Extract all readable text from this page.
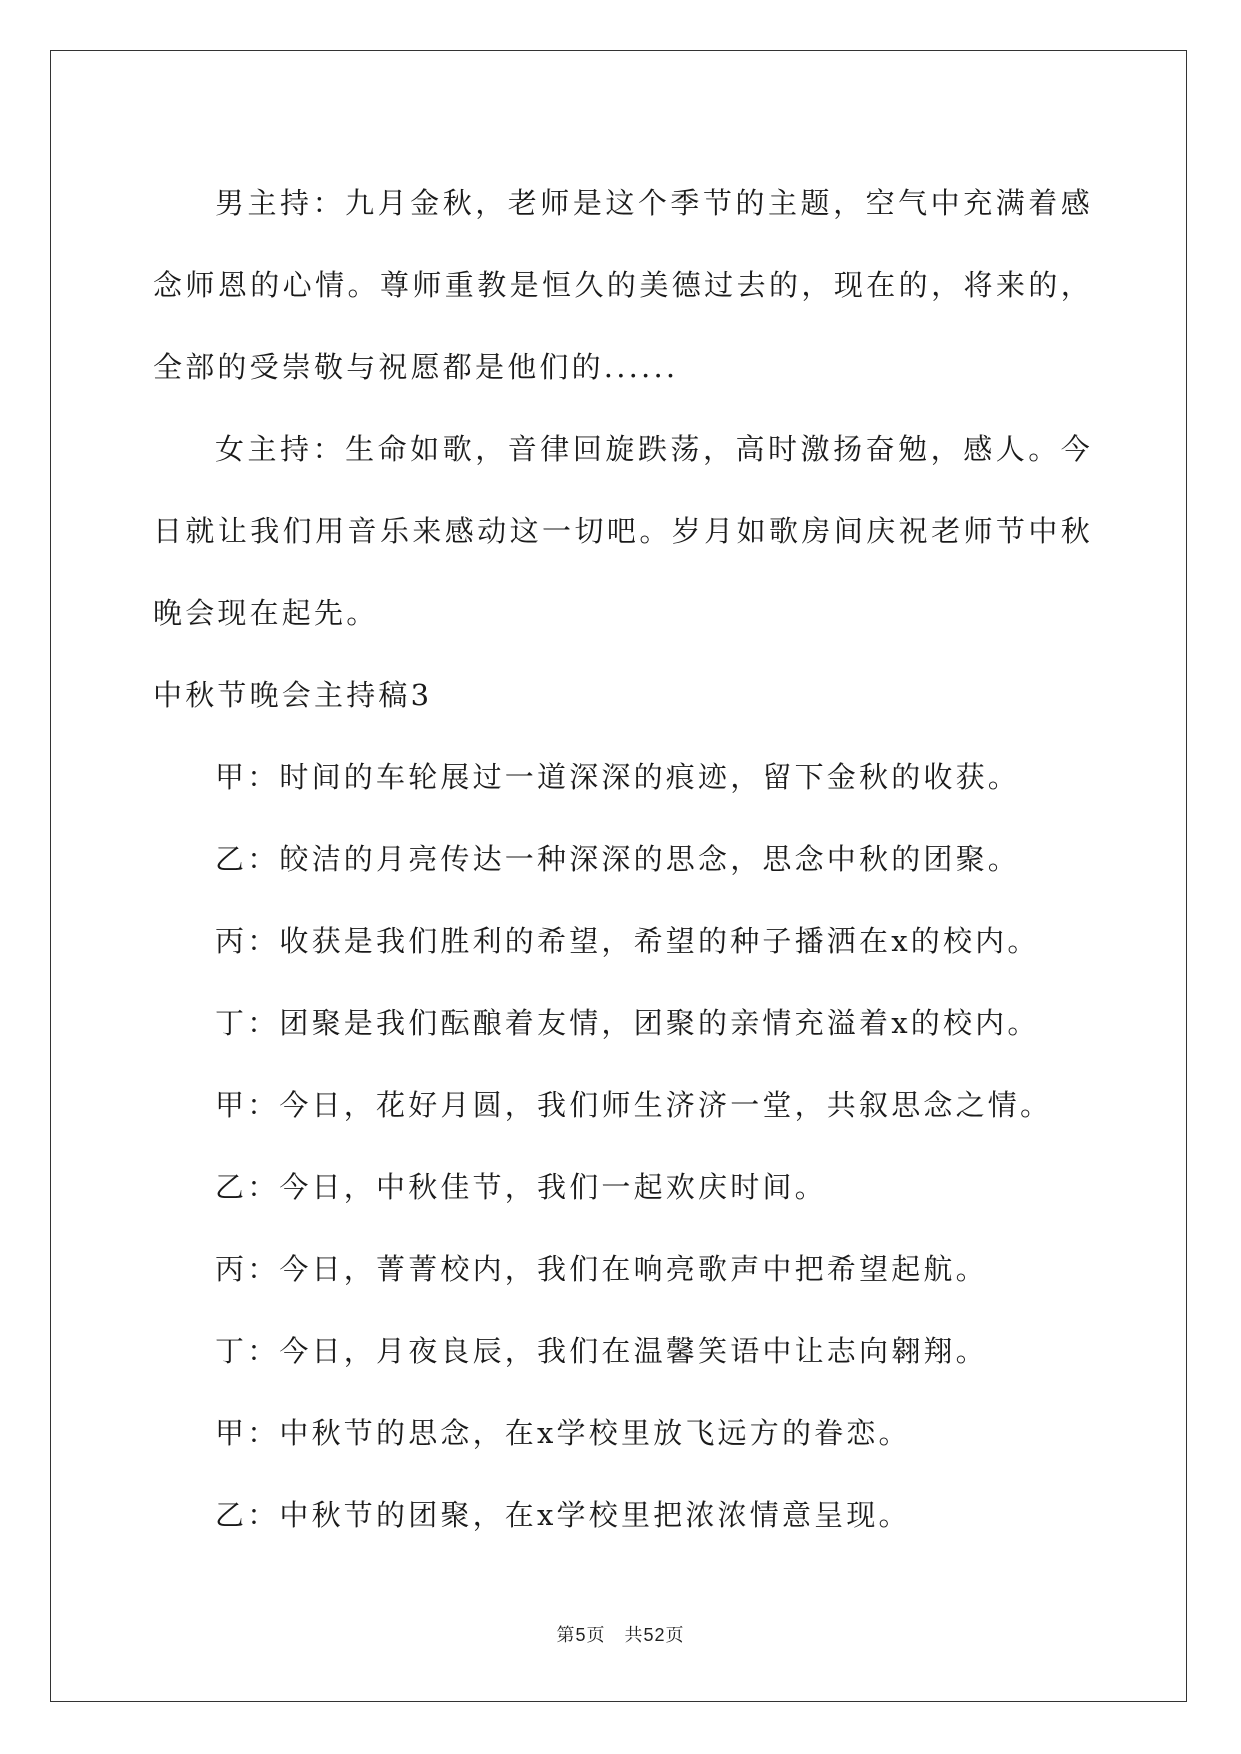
男主持：九月金秋，老师是这个季节的主题，空气中充满着感念师恩的心情。尊师重教是恒久的美德过去的，现在的，将来的，全部的受崇敬与祝愿都是他们的......

女主持：生命如歌，音律回旋跌荡，高时激扬奋勉，感人。今日就让我们用音乐来感动这一切吧。岁月如歌房间庆祝老师节中秋晚会现在起先。

中秋节晚会主持稿3

甲：时间的车轮展过一道深深的痕迹，留下金秋的收获。

乙：皎洁的月亮传达一种深深的思念，思念中秋的团聚。

丙：收获是我们胜利的希望，希望的种子播洒在x的校内。

丁：团聚是我们酝酿着友情，团聚的亲情充溢着x的校内。

甲：今日，花好月圆，我们师生济济一堂，共叙思念之情。

乙：今日，中秋佳节，我们一起欢庆时间。

丙：今日，菁菁校内，我们在响亮歌声中把希望起航。

丁：今日，月夜良辰，我们在温馨笑语中让志向翱翔。

甲：中秋节的思念，在x学校里放飞远方的眷恋。

乙：中秋节的团聚，在x学校里把浓浓情意呈现。

第5页　共52页
